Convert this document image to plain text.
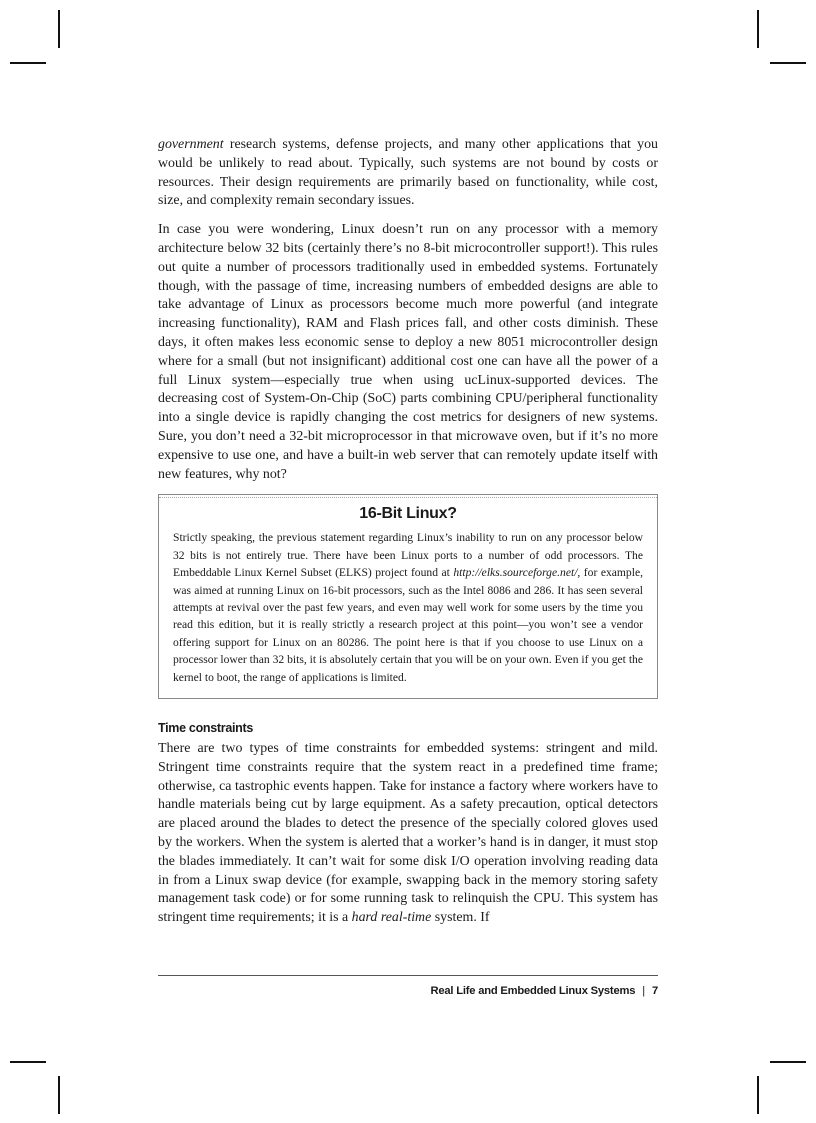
government research systems, defense projects, and many other applications that you would be unlikely to read about. Typically, such systems are not bound by costs or resources. Their design requirements are primarily based on functionality, while cost, size, and complexity remain secondary issues.

In case you were wondering, Linux doesn’t run on any processor with a memory architecture below 32 bits (certainly there’s no 8-bit microcontroller support!). This rules out quite a number of processors traditionally used in embedded systems. Fortunately though, with the passage of time, increasing numbers of embedded designs are able to take advantage of Linux as processors become much more powerful (and integrate increasing functionality), RAM and Flash prices fall, and other costs diminish. These days, it often makes less economic sense to deploy a new 8051 microcontroller design where for a small (but not insignificant) additional cost one can have all the power of a full Linux system—especially true when using ucLinux-supported devices. The decreasing cost of System-On-Chip (SoC) parts combining CPU/peripheral functionality into a single device is rapidly changing the cost metrics for designers of new systems. Sure, you don’t need a 32-bit microprocessor in that microwave oven, but if it’s no more expensive to use one, and have a built-in web server that can remotely update itself with new features, why not?

16-Bit Linux?

Strictly speaking, the previous statement regarding Linux’s inability to run on any processor below 32 bits is not entirely true. There have been Linux ports to a number of odd processors. The Embeddable Linux Kernel Subset (ELKS) project found at http://elks.sourceforge.net/, for example, was aimed at running Linux on 16-bit processors, such as the Intel 8086 and 286. It has seen several attempts at revival over the past few years, and even may well work for some users by the time you read this edition, but it is really strictly a research project at this point—you won’t see a vendor offering support for Linux on an 80286. The point here is that if you choose to use Linux on a processor lower than 32 bits, it is absolutely certain that you will be on your own. Even if you get the kernel to boot, the range of applications is limited.

Time constraints

There are two types of time constraints for embedded systems: stringent and mild. Stringent time constraints require that the system react in a predefined time frame; otherwise, ca tastrophic events happen. Take for instance a factory where workers have to handle materials being cut by large equipment. As a safety precaution, optical detectors are placed around the blades to detect the presence of the specially colored gloves used by the workers. When the system is alerted that a worker’s hand is in danger, it must stop the blades immediately. It can’t wait for some disk I/O operation involving reading data in from a Linux swap device (for example, swapping back in the memory storing safety management task code) or for some running task to relinquish the CPU. This system has stringent time requirements; it is a hard real-time system. If

Real Life and Embedded Linux Systems | 7
